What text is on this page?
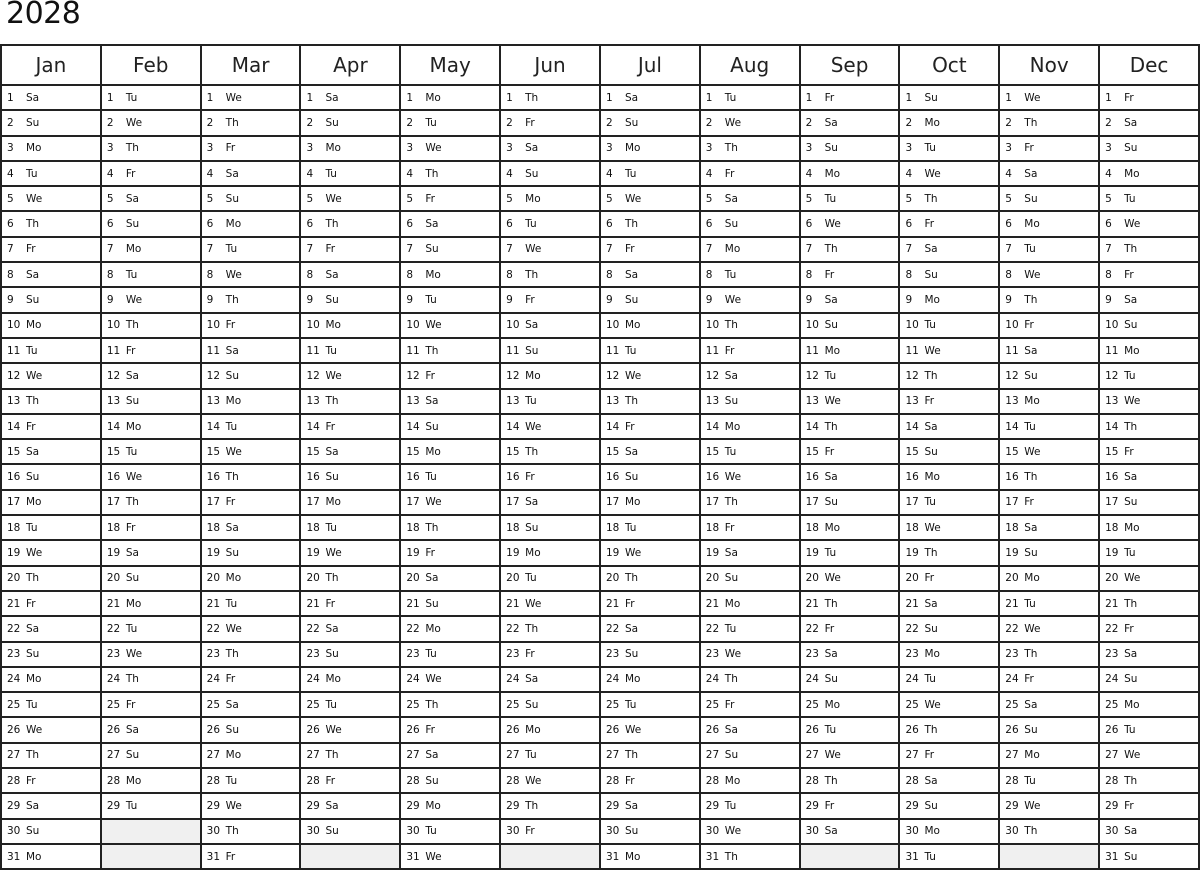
2028
Jan	Feb	Mar	Apr	May	Jun	Jul	Aug	Sep	Oct	Nov	Dec
1 Sa	1 Tu	1 We	1 Sa	1 Mo	1 Th	1 Sa	1 Tu	1 Fr	1 Su	1 We	1 Fr
2 Su	2 We	2 Th	2 Su	2 Tu	2 Fr	2 Su	2 We	2 Sa	2 Mo	2 Th	2 Sa
3 Mo	3 Th	3 Fr	3 Mo	3 We	3 Sa	3 Mo	3 Th	3 Su	3 Tu	3 Fr	3 Su
4 Tu	4 Fr	4 Sa	4 Tu	4 Th	4 Su	4 Tu	4 Fr	4 Mo	4 We	4 Sa	4 Mo
5 We	5 Sa	5 Su	5 We	5 Fr	5 Mo	5 We	5 Sa	5 Tu	5 Th	5 Su	5 Tu
6 Th	6 Su	6 Mo	6 Th	6 Sa	6 Tu	6 Th	6 Su	6 We	6 Fr	6 Mo	6 We
7 Fr	7 Mo	7 Tu	7 Fr	7 Su	7 We	7 Fr	7 Mo	7 Th	7 Sa	7 Tu	7 Th
8 Sa	8 Tu	8 We	8 Sa	8 Mo	8 Th	8 Sa	8 Tu	8 Fr	8 Su	8 We	8 Fr
9 Su	9 We	9 Th	9 Su	9 Tu	9 Fr	9 Su	9 We	9 Sa	9 Mo	9 Th	9 Sa
10 Mo	10 Th	10 Fr	10 Mo	10 We	10 Sa	10 Mo	10 Th	10 Su	10 Tu	10 Fr	10 Su
11 Tu	11 Fr	11 Sa	11 Tu	11 Th	11 Su	11 Tu	11 Fr	11 Mo	11 We	11 Sa	11 Mo
12 We	12 Sa	12 Su	12 We	12 Fr	12 Mo	12 We	12 Sa	12 Tu	12 Th	12 Su	12 Tu
13 Th	13 Su	13 Mo	13 Th	13 Sa	13 Tu	13 Th	13 Su	13 We	13 Fr	13 Mo	13 We
14 Fr	14 Mo	14 Tu	14 Fr	14 Su	14 We	14 Fr	14 Mo	14 Th	14 Sa	14 Tu	14 Th
15 Sa	15 Tu	15 We	15 Sa	15 Mo	15 Th	15 Sa	15 Tu	15 Fr	15 Su	15 We	15 Fr
16 Su	16 We	16 Th	16 Su	16 Tu	16 Fr	16 Su	16 We	16 Sa	16 Mo	16 Th	16 Sa
17 Mo	17 Th	17 Fr	17 Mo	17 We	17 Sa	17 Mo	17 Th	17 Su	17 Tu	17 Fr	17 Su
18 Tu	18 Fr	18 Sa	18 Tu	18 Th	18 Su	18 Tu	18 Fr	18 Mo	18 We	18 Sa	18 Mo
19 We	19 Sa	19 Su	19 We	19 Fr	19 Mo	19 We	19 Sa	19 Tu	19 Th	19 Su	19 Tu
20 Th	20 Su	20 Mo	20 Th	20 Sa	20 Tu	20 Th	20 Su	20 We	20 Fr	20 Mo	20 We
21 Fr	21 Mo	21 Tu	21 Fr	21 Su	21 We	21 Fr	21 Mo	21 Th	21 Sa	21 Tu	21 Th
22 Sa	22 Tu	22 We	22 Sa	22 Mo	22 Th	22 Sa	22 Tu	22 Fr	22 Su	22 We	22 Fr
23 Su	23 We	23 Th	23 Su	23 Tu	23 Fr	23 Su	23 We	23 Sa	23 Mo	23 Th	23 Sa
24 Mo	24 Th	24 Fr	24 Mo	24 We	24 Sa	24 Mo	24 Th	24 Su	24 Tu	24 Fr	24 Su
25 Tu	25 Fr	25 Sa	25 Tu	25 Th	25 Su	25 Tu	25 Fr	25 Mo	25 We	25 Sa	25 Mo
26 We	26 Sa	26 Su	26 We	26 Fr	26 Mo	26 We	26 Sa	26 Tu	26 Th	26 Su	26 Tu
27 Th	27 Su	27 Mo	27 Th	27 Sa	27 Tu	27 Th	27 Su	27 We	27 Fr	27 Mo	27 We
28 Fr	28 Mo	28 Tu	28 Fr	28 Su	28 We	28 Fr	28 Mo	28 Th	28 Sa	28 Tu	28 Th
29 Sa	29 Tu	29 We	29 Sa	29 Mo	29 Th	29 Sa	29 Tu	29 Fr	29 Su	29 We	29 Fr
30 Su		30 Th	30 Su	30 Tu	30 Fr	30 Su	30 We	30 Sa	30 Mo	30 Th	30 Sa
31 Mo		31 Fr		31 We		31 Mo	31 Th		31 Tu		31 Su
